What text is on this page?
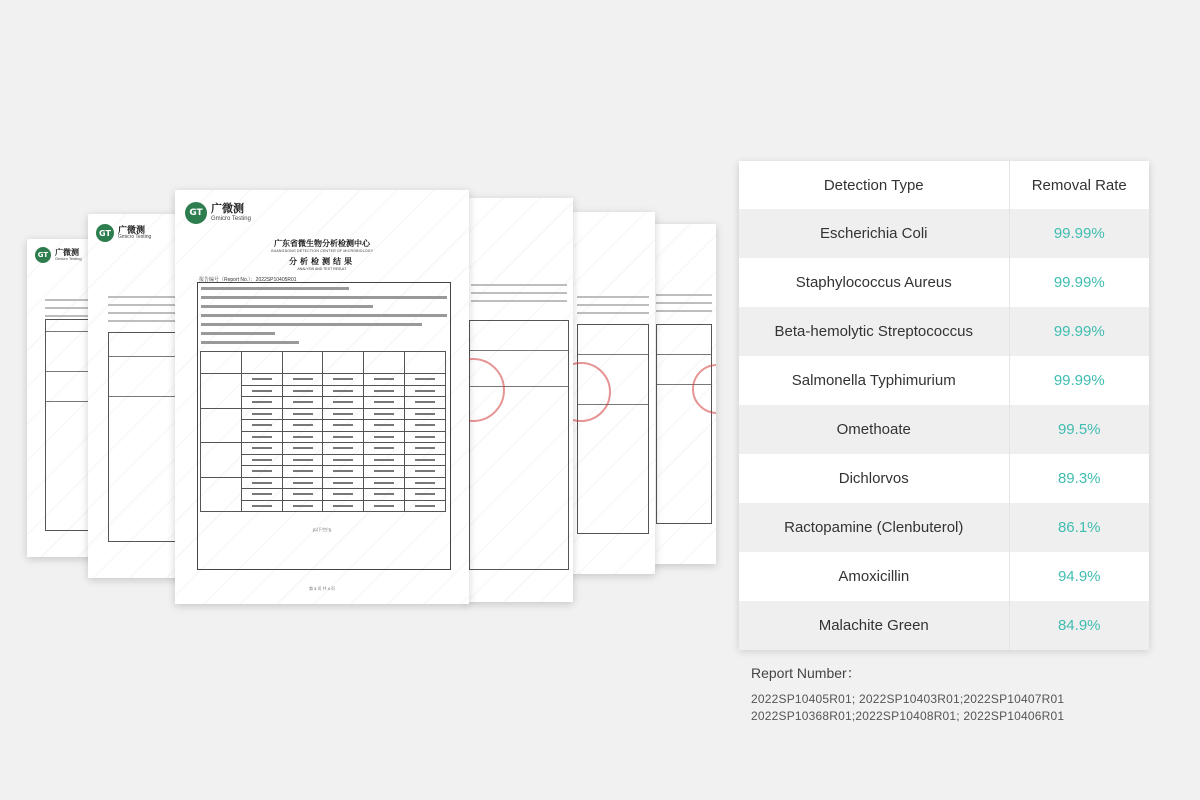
GT 广微测
Gmicro Testing
GT 广微测
Gmicro Testing
GT 广微测
Gmicro Testing
广东省微生物分析检测中心
GUANGDONG DETECTION CENTER OF MICROBIOLOGY
分析检测结果
ANALYSIS AND TEST RESULT
报告编号（Report No.）：2022SP10405R01

(以下空白)
第 3 页 共 4 页
Detection Type	Removal Rate
Escherichia Coli	99.99%
Staphylococcus Aureus	99.99%
Beta-hemolytic Streptococcus	99.99%
Salmonella Typhimurium	99.99%
Omethoate	99.5%
Dichlorvos	89.3%
Ractopamine (Clenbuterol)	86.1%
Amoxicillin	94.9%
Malachite Green	84.9%
Report Number：
2022SP10405R01; 2022SP10403R01;2022SP10407R01
2022SP10368R01;2022SP10408R01; 2022SP10406R01
